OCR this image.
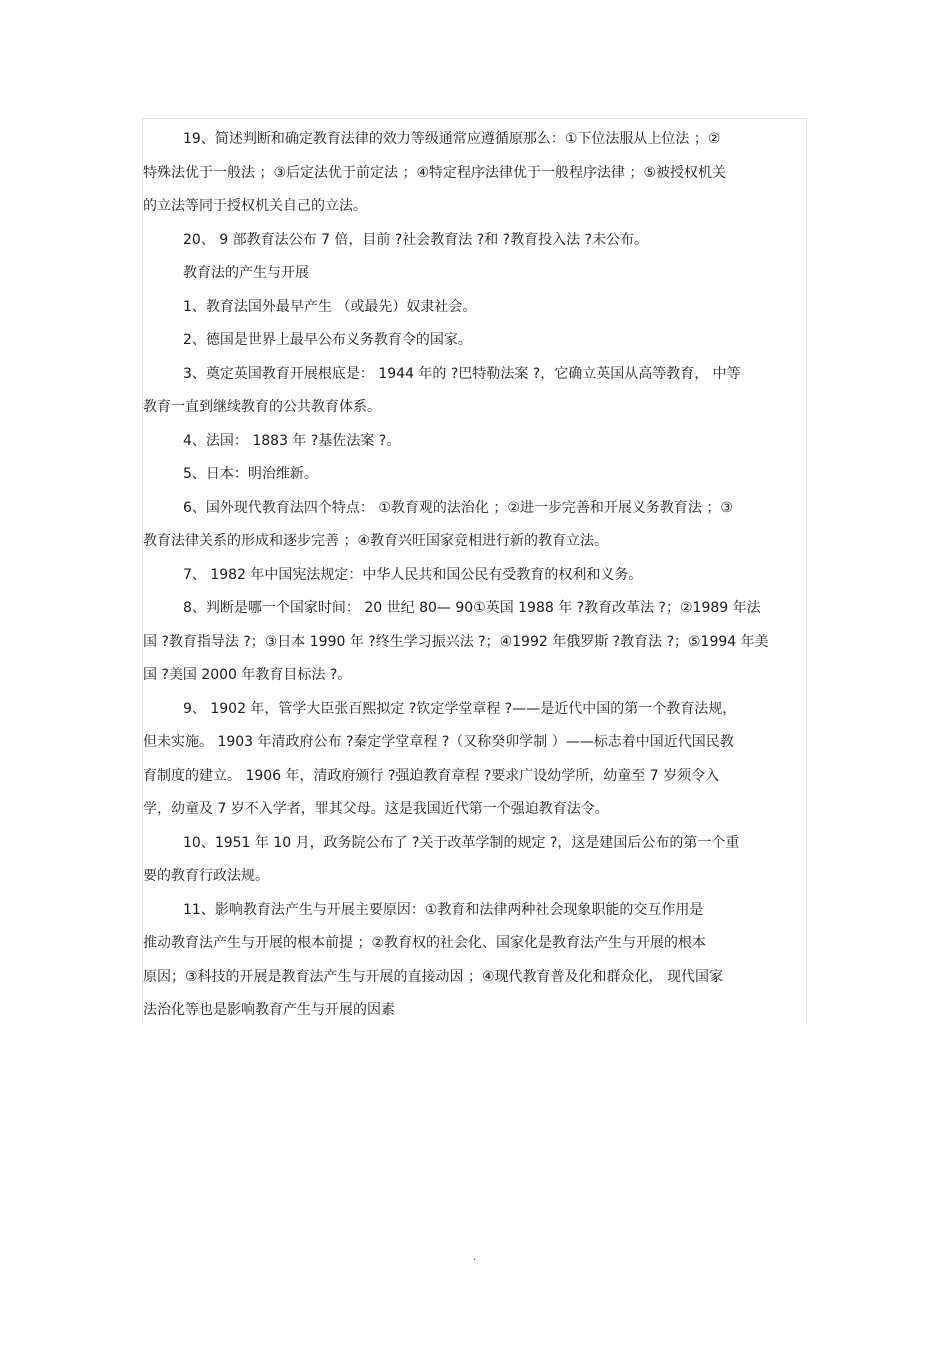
19、简述判断和确定教育法律的效力等级通常应遵循原那么：①下位法服从上位法 ；②
特殊法优于一般法 ；③后定法优于前定法 ；④特定程序法律优于一般程序法律 ；⑤被授权机关
的立法等同于授权机关自己的立法。
20、 9 部教育法公布 7 倍，目前 ?社会教育法 ?和 ?教育投入法 ?未公布。
教育法的产生与开展
1、教育法国外最早产生 （或最先）奴隶社会。
2、德国是世界上最早公布义务教育令的国家。
3、奠定英国教育开展根底是： 1944 年的 ?巴特勒法案 ?，它确立英国从高等教育， 中等
教育一直到继续教育的公共教育体系。
4、法国： 1883 年 ?基佐法案 ?。
5、日本：明治维新。
6、国外现代教育法四个特点： ①教育观的法治化 ；②进一步完善和开展义务教育法 ；③
教育法律关系的形成和逐步完善 ；④教育兴旺国家竞相进行新的教育立法。
7、 1982 年中国宪法规定：中华人民共和国公民有受教育的权利和义务。
8、判断是哪一个国家时间： 20 世纪 80— 90①英国 1988 年 ?教育改革法 ?；②1989 年法
国 ?教育指导法 ?；③日本 1990 年 ?终生学习振兴法 ?；④1992 年俄罗斯 ?教育法 ?；⑤1994 年美
国 ?美国 2000 年教育目标法 ?。
9、 1902 年，管学大臣张百熙拟定 ?钦定学堂章程 ?——是近代中国的第一个教育法规，
但未实施。 1903 年清政府公布 ?秦定学堂章程 ?（又称癸卯学制 ）——标志着中国近代国民教
育制度的建立。 1906 年，清政府颁行 ?强迫教育章程 ?要求广设幼学所，幼童至 7 岁须令入
学，幼童及 7 岁不入学者，罪其父母。这是我国近代第一个强迫教育法令。
10、1951 年 10 月，政务院公布了 ?关于改革学制的规定 ?，这是建国后公布的第一个重
要的教育行政法规。
11、影响教育法产生与开展主要原因：①教育和法律两种社会现象职能的交互作用是
推动教育法产生与开展的根本前提 ；②教育权的社会化、国家化是教育法产生与开展的根本
原因；③科技的开展是教育法产生与开展的直接动因 ；④现代教育普及化和群众化， 现代国家
法治化等也是影响教育产生与开展的因素
.
